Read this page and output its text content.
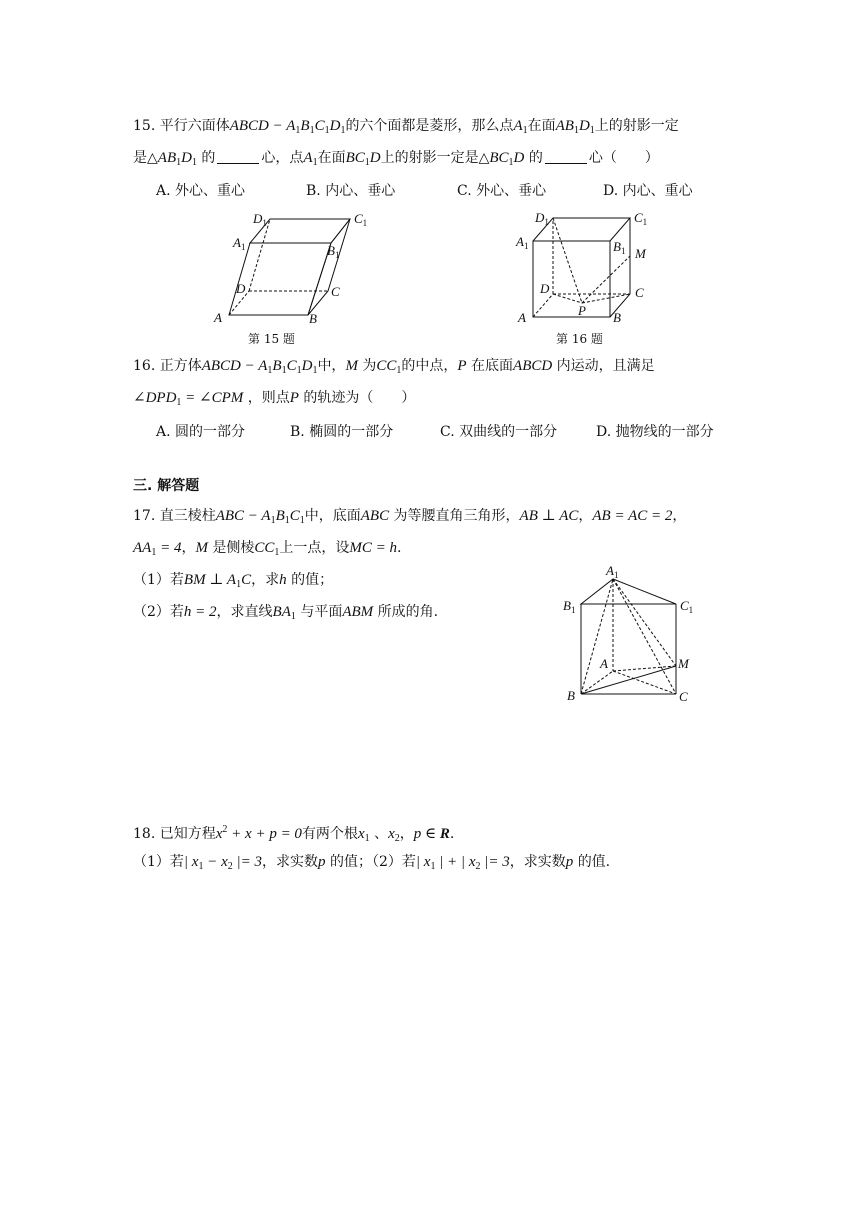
15. 平行六面体ABCD − $A_1B_1C_1D_1$的六个面都是菱形，那么点$A_1$在面$AB_1D_1$上的射影一定
是$\triangle AB_1D_1$ 的	心，点$A_1$在面$BC_1D$上的射影一定是$\triangle BC_1D$ 的	心（　　）
A. 外心、重心	B. 内心、垂心	C. 外心、垂心	D. 内心、重心
$D_1$	$C_1$
$A_1$	$B_1$
D	C
A	B
第 15 题
$D_1$	$C_1$
$A_1$	$B_1$ M
D	C
P
A	B
第 16 题
16. 正方体ABCD − $A_1B_1C_1D_1$中，M 为$CC_1$的中点，P 在底面ABCD 内运动，且满足
$\angle DPD_1$ = ∠CPM ，则点P 的轨迹为（　　）
A. 圆的一部分	B. 椭圆的一部分	C. 双曲线的一部分	D. 抛物线的一部分
三. 解答题
17. 直三棱柱ABC − $A_1B_1C_1$中，底面ABC 为等腰直角三角形，AB ⊥ AC，AB = AC = 2，
$AA_1 = 4$，M 是侧棱$CC_1$上一点，设MC = h.
（1）若BM ⊥ $A_1C$，求h 的值；
（2）若h = 2，求直线$BA_1$ 与平面ABM 所成的角.
$A_1$
$B_1$	$C_1$
A	M
B	C
18. 已知方程$x^2 + x + p = 0$有两个根$x_1$ 、$x_2$，p ∈ R.
（1）若| $x_1 - x_2$ |= 3，求实数p 的值；（2）若| $x_1$ | + | $x_2$ |= 3，求实数p 的值.
